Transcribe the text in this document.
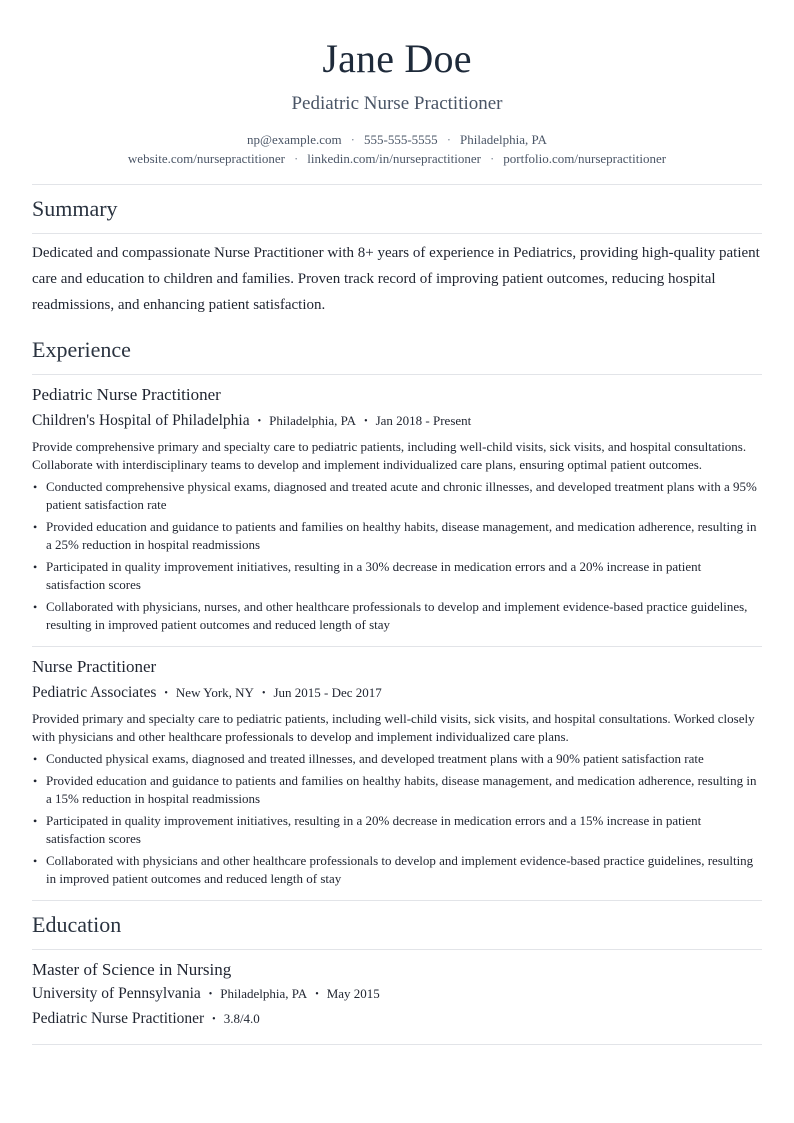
Jane Doe
Pediatric Nurse Practitioner
np@example.com · 555-555-5555 · Philadelphia, PA
website.com/nursepractitioner · linkedin.com/in/nursepractitioner · portfolio.com/nursepractitioner
Summary
Dedicated and compassionate Nurse Practitioner with 8+ years of experience in Pediatrics, providing high-quality patient care and education to children and families. Proven track record of improving patient outcomes, reducing hospital readmissions, and enhancing patient satisfaction.
Experience
Pediatric Nurse Practitioner
Children's Hospital of Philadelphia • Philadelphia, PA • Jan 2018 - Present
Provide comprehensive primary and specialty care to pediatric patients, including well-child visits, sick visits, and hospital consultations. Collaborate with interdisciplinary teams to develop and implement individualized care plans, ensuring optimal patient outcomes.
• Conducted comprehensive physical exams, diagnosed and treated acute and chronic illnesses, and developed treatment plans with a 95% patient satisfaction rate
• Provided education and guidance to patients and families on healthy habits, disease management, and medication adherence, resulting in a 25% reduction in hospital readmissions
• Participated in quality improvement initiatives, resulting in a 30% decrease in medication errors and a 20% increase in patient satisfaction scores
• Collaborated with physicians, nurses, and other healthcare professionals to develop and implement evidence-based practice guidelines, resulting in improved patient outcomes and reduced length of stay
Nurse Practitioner
Pediatric Associates • New York, NY • Jun 2015 - Dec 2017
Provided primary and specialty care to pediatric patients, including well-child visits, sick visits, and hospital consultations. Worked closely with physicians and other healthcare professionals to develop and implement individualized care plans.
• Conducted physical exams, diagnosed and treated illnesses, and developed treatment plans with a 90% patient satisfaction rate
• Provided education and guidance to patients and families on healthy habits, disease management, and medication adherence, resulting in a 15% reduction in hospital readmissions
• Participated in quality improvement initiatives, resulting in a 20% decrease in medication errors and a 15% increase in patient satisfaction scores
• Collaborated with physicians and other healthcare professionals to develop and implement evidence-based practice guidelines, resulting in improved patient outcomes and reduced length of stay
Education
Master of Science in Nursing
University of Pennsylvania • Philadelphia, PA • May 2015
Pediatric Nurse Practitioner • 3.8/4.0
